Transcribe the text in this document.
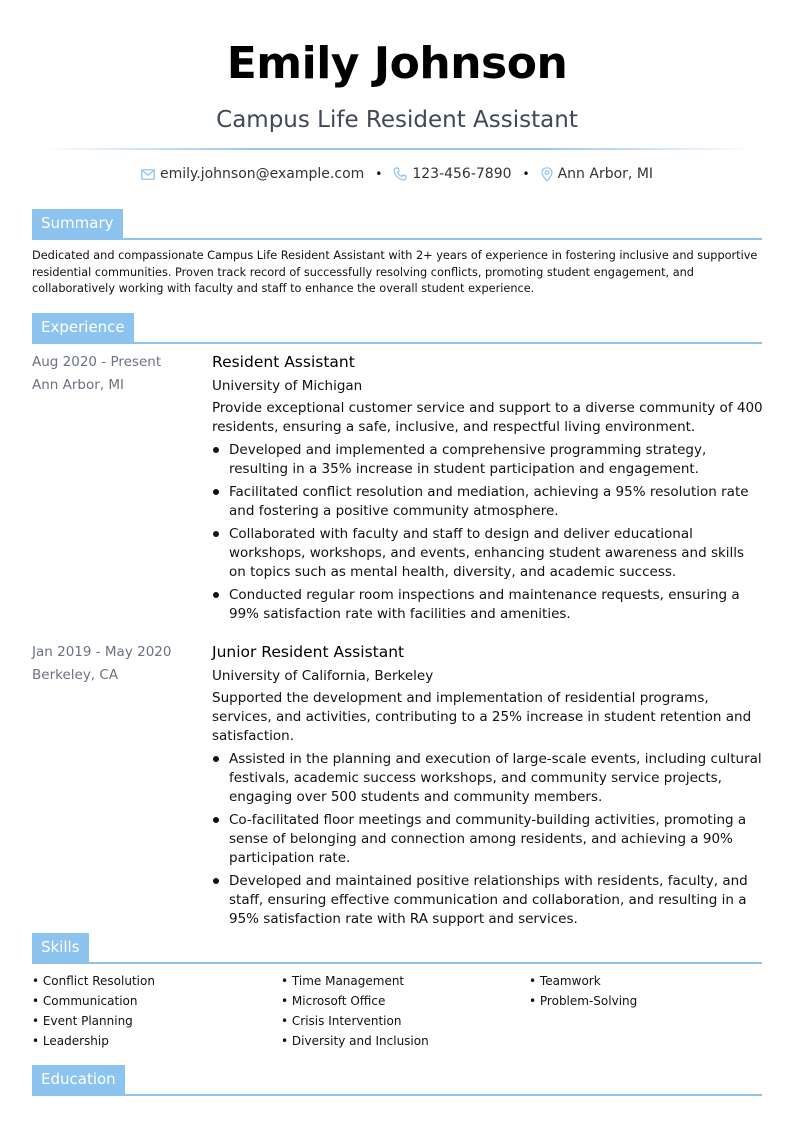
Emily Johnson
Campus Life Resident Assistant
emily.johnson@example.com • 123-456-7890 • Ann Arbor, MI
Summary
Dedicated and compassionate Campus Life Resident Assistant with 2+ years of experience in fostering inclusive and supportive residential communities. Proven track record of successfully resolving conflicts, promoting student engagement, and collaboratively working with faculty and staff to enhance the overall student experience.
Experience
Aug 2020 - Present
Ann Arbor, MI
Resident Assistant
University of Michigan
Provide exceptional customer service and support to a diverse community of 400 residents, ensuring a safe, inclusive, and respectful living environment.
Developed and implemented a comprehensive programming strategy, resulting in a 35% increase in student participation and engagement.
Facilitated conflict resolution and mediation, achieving a 95% resolution rate and fostering a positive community atmosphere.
Collaborated with faculty and staff to design and deliver educational workshops, workshops, and events, enhancing student awareness and skills on topics such as mental health, diversity, and academic success.
Conducted regular room inspections and maintenance requests, ensuring a 99% satisfaction rate with facilities and amenities.
Jan 2019 - May 2020
Berkeley, CA
Junior Resident Assistant
University of California, Berkeley
Supported the development and implementation of residential programs, services, and activities, contributing to a 25% increase in student retention and satisfaction.
Assisted in the planning and execution of large-scale events, including cultural festivals, academic success workshops, and community service projects, engaging over 500 students and community members.
Co-facilitated floor meetings and community-building activities, promoting a sense of belonging and connection among residents, and achieving a 90% participation rate.
Developed and maintained positive relationships with residents, faculty, and staff, ensuring effective communication and collaboration, and resulting in a 95% satisfaction rate with RA support and services.
Skills
• Conflict Resolution
• Communication
• Event Planning
• Leadership
• Time Management
• Microsoft Office
• Crisis Intervention
• Diversity and Inclusion
• Teamwork
• Problem-Solving
Education
